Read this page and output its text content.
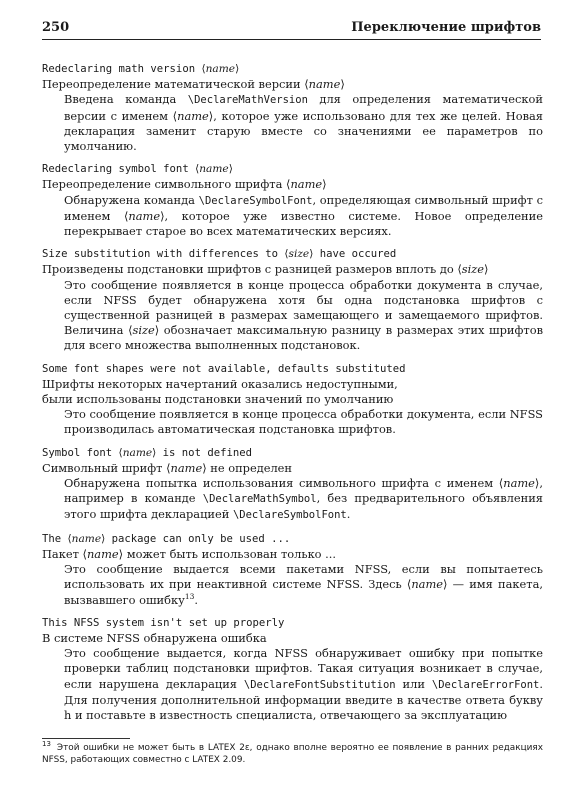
250	Переключение шрифтов
Redeclaring math version ⟨name⟩
Переопределение математической версии ⟨name⟩
Введена команда \DeclareMathVersion для определения математической версии с именем ⟨name⟩, которое уже использовано для тех же целей. Новая декларация заменит старую вместе со значениями ее параметров по умолчанию.
Redeclaring symbol font ⟨name⟩
Переопределение символьного шрифта ⟨name⟩
Обнаружена команда \DeclareSymbolFont, определяющая символьный шрифт с именем ⟨name⟩, которое уже известно системе. Новое определение перекрывает старое во всех математических версиях.
Size substitution with differences to ⟨size⟩ have occured
Произведены подстановки шрифтов с разницей размеров вплоть до ⟨size⟩
Это сообщение появляется в конце процесса обработки документа в случае, если NFSS будет обнаружена хотя бы одна подстановка шрифтов с существенной разницей в размерах замещающего и замещаемого шрифтов. Величина ⟨size⟩ обозначает максимальную разницу в размерах этих шрифтов для всего множества выполненных подстановок.
Some font shapes were not available, defaults substituted
Шрифты некоторых начертаний оказались недоступными,
были использованы подстановки значений по умолчанию
Это сообщение появляется в конце процесса обработки документа, если NFSS производилась автоматическая подстановка шрифтов.
Symbol font ⟨name⟩ is not defined
Символьный шрифт ⟨name⟩ не определен
Обнаружена попытка использования символьного шрифта с именем ⟨name⟩, например в команде \DeclareMathSymbol, без предварительного объявления этого шрифта декларацией \DeclareSymbolFont.
The ⟨name⟩ package can only be used ...
Пакет ⟨name⟩ может быть использован только ...
Это сообщение выдается всеми пакетами NFSS, если вы попытаетесь использовать их при неактивной системе NFSS. Здесь ⟨name⟩ — имя пакета, вызвавшего ошибку$^{13}$.
This NFSS system isn't set up properly
В системе NFSS обнаружена ошибка
Это сообщение выдается, когда NFSS обнаруживает ошибку при попытке проверки таблиц подстановки шрифтов. Такая ситуация возникает в случае, если нарушена декларация \DeclareFontSubstitution или \DeclareErrorFont. Для получения дополнительной информации введите в качестве ответа букву h и поставьте в известность специалиста, отвечающего за эксплуатацию
$^{13}$ Этой ошибки не может быть в LATEX 2ε, однако вполне вероятно ее появление в ранних редакциях NFSS, работающих совместно с LATEX 2.09.
